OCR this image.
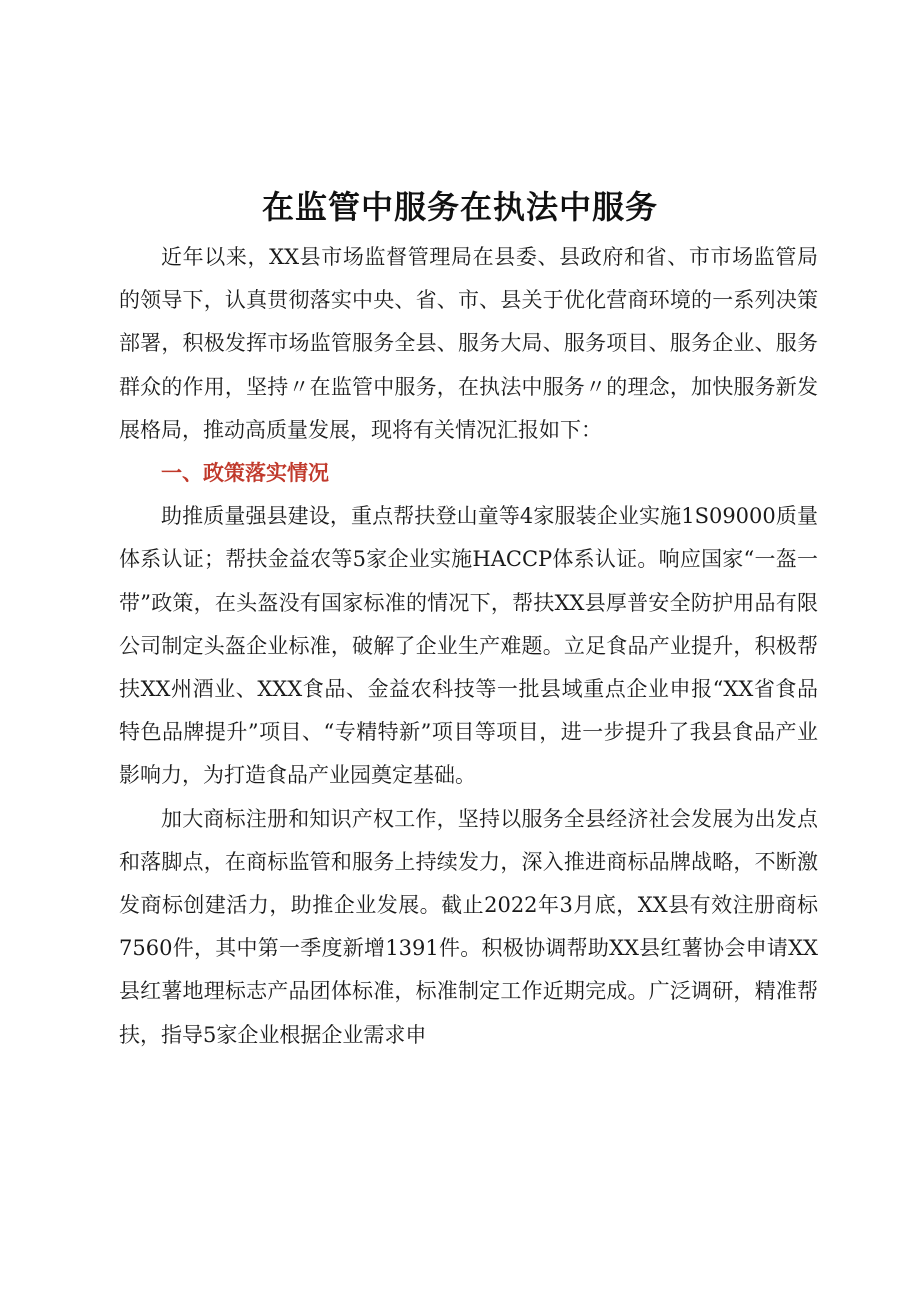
在监管中服务在执法中服务

近年以来，XX县市场监督管理局在县委、县政府和省、市市场监管局的领导下，认真贯彻落实中央、省、市、县关于优化营商环境的一系列决策部署，积极发挥市场监管服务全县、服务大局、服务项目、服务企业、服务群众的作用，坚持〃在监管中服务，在执法中服务〃的理念，加快服务新发展格局，推动高质量发展，现将有关情况汇报如下：

一、政策落实情况

助推质量强县建设，重点帮扶登山童等4家服装企业实施1S09000质量体系认证；帮扶金益农等5家企业实施HACCP体系认证。响应国家“一盔一带”政策，在头盔没有国家标准的情况下，帮扶XX县厚普安全防护用品有限公司制定头盔企业标准，破解了企业生产难题。立足食品产业提升，积极帮扶XX州酒业、XXX食品、金益农科技等一批县域重点企业申报“XX省食品特色品牌提升”项目、“专精特新”项目等项目，进一步提升了我县食品产业影响力，为打造食品产业园奠定基础。

加大商标注册和知识产权工作，坚持以服务全县经济社会发展为出发点和落脚点，在商标监管和服务上持续发力，深入推进商标品牌战略，不断激发商标创建活力，助推企业发展。截止2022年3月底，XX县有效注册商标7560件，其中第一季度新增1391件。积极协调帮助XX县红薯协会申请XX县红薯地理标志产品团体标准，标准制定工作近期完成。广泛调研，精准帮扶，指导5家企业根据企业需求申
